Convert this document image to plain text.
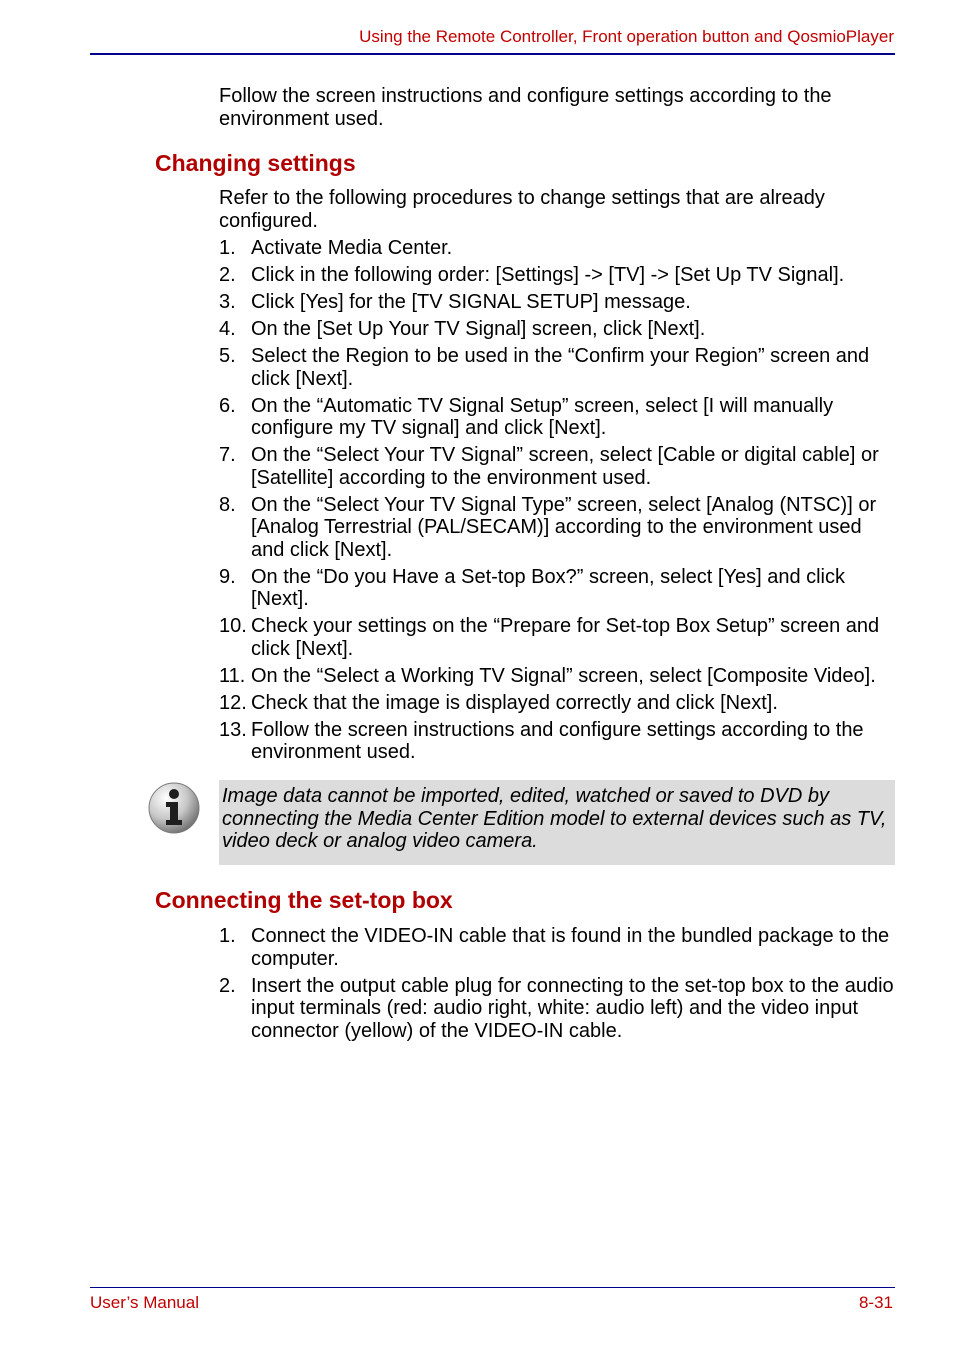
Using the Remote Controller, Front operation button and QosmioPlayer
Follow the screen instructions and configure settings according to the environment used.
Changing settings
Refer to the following procedures to change settings that are already configured.
1. Activate Media Center.
2. Click in the following order: [Settings] -> [TV] -> [Set Up TV Signal].
3. Click [Yes] for the [TV SIGNAL SETUP] message.
4. On the [Set Up Your TV Signal] screen, click [Next].
5. Select the Region to be used in the “Confirm your Region” screen and click [Next].
6. On the “Automatic TV Signal Setup” screen, select [I will manually configure my TV signal] and click [Next].
7. On the “Select Your TV Signal” screen, select [Cable or digital cable] or [Satellite] according to the environment used.
8. On the “Select Your TV Signal Type” screen, select [Analog (NTSC)] or [Analog Terrestrial (PAL/SECAM)] according to the environment used and click [Next].
9. On the “Do you Have a Set-top Box?” screen, select [Yes] and click [Next].
10. Check your settings on the “Prepare for Set-top Box Setup” screen and click [Next].
11. On the “Select a Working TV Signal” screen, select [Composite Video].
12. Check that the image is displayed correctly and click [Next].
13. Follow the screen instructions and configure settings according to the environment used.
Image data cannot be imported, edited, watched or saved to DVD by connecting the Media Center Edition model to external devices such as TV, video deck or analog video camera.
Connecting the set-top box
1. Connect the VIDEO-IN cable that is found in the bundled package to the computer.
2. Insert the output cable plug for connecting to the set-top box to the audio input terminals (red: audio right, white: audio left) and the video input connector (yellow) of the VIDEO-IN cable.
User’s Manual	8-31
